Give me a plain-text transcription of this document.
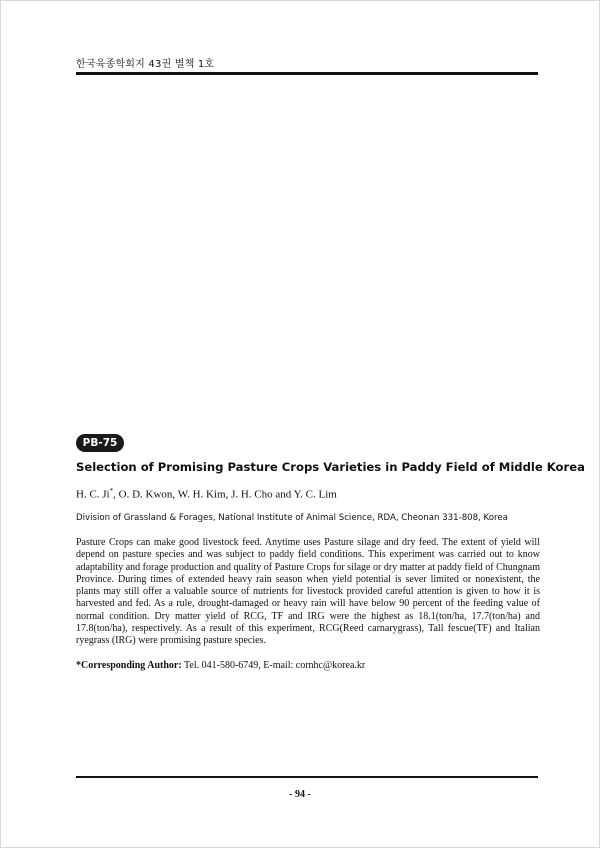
한국육종학회지 43권 별책 1호
PB-75
Selection of Promising Pasture Crops Varieties in Paddy Field of Middle Korea
H. C. Ji*, O. D. Kwon, W. H. Kim, J. H. Cho and Y. C. Lim
Division of Grassland & Forages, National Institute of Animal Science, RDA, Cheonan 331-808, Korea

Pasture Crops can make good livestock feed. Anytime uses Pasture silage and dry feed. The extent of yield will depend on pasture species and was subject to paddy field conditions. This experiment was carried out to know adaptability and forage production and quality of Pasture Crops for silage or dry matter at paddy field of Chungnam Province. During times of extended heavy rain season when yield potential is sever limited or nonexistent, the plants may still offer a valuable source of nutrients for livestock provided careful attention is given to how it is harvested and fed. As a rule, drought-damaged or heavy rain will have below 90 percent of the feeding value of normal condition. Dry matter yield of RCG, TF and IRG were the highest as 18.1(ton/ha, 17.7(ton/ha) and 17.8(ton/ha), respectively. As a result of this experiment, RCG(Reed carnarygrass), Tall fescue(TF) and Italian ryegrass (IRG) were promising pasture species.

*Corresponding Author: Tel. 041-580-6749, E-mail: cornhc@korea.kr
- 94 -
